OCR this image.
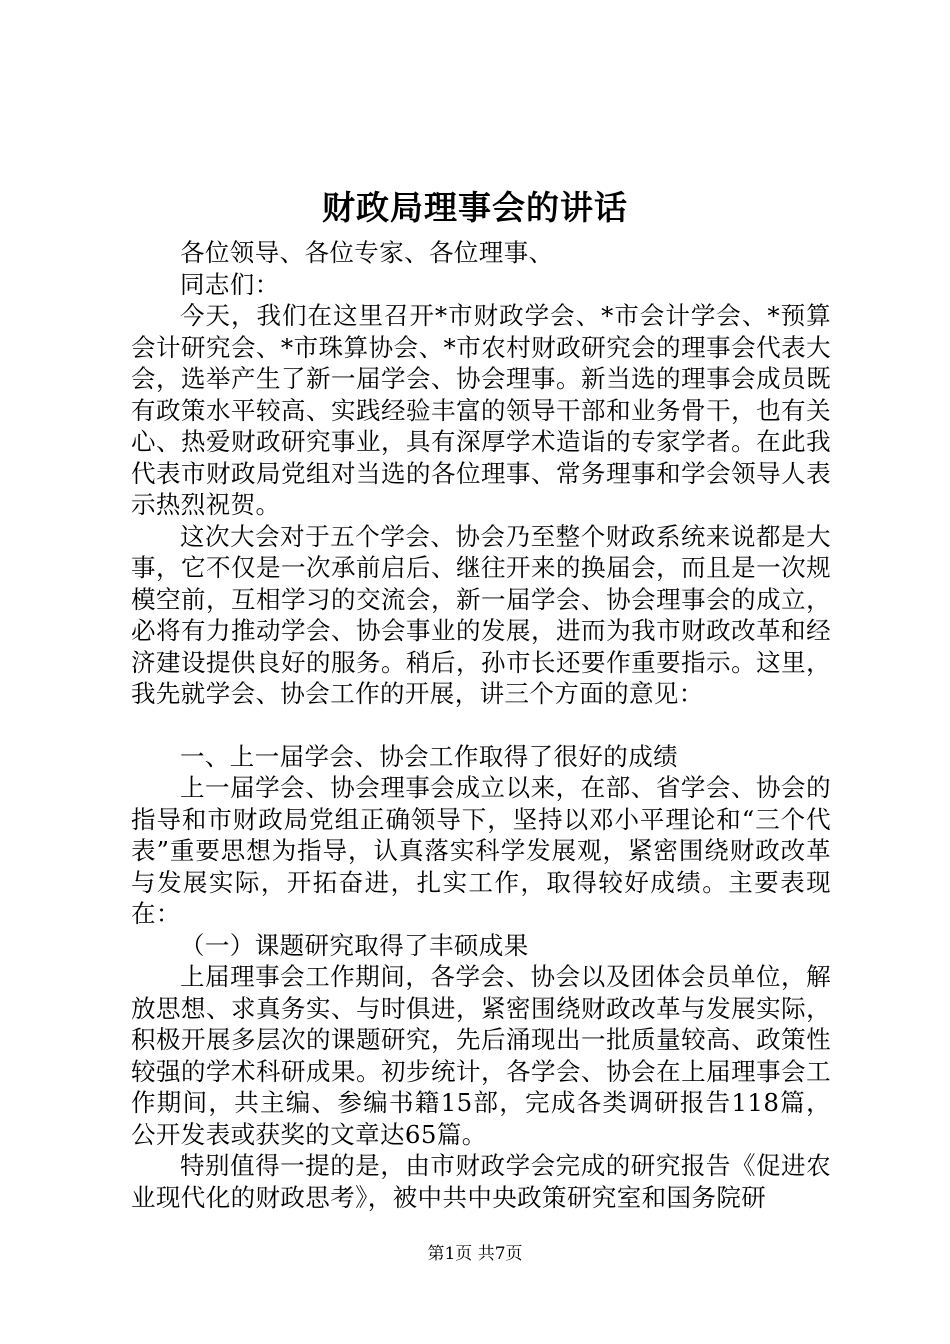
财政局理事会的讲话

各位领导、各位专家、各位理事、

同志们：

今天，我们在这里召开*市财政学会、*市会计学会、*预算会计研究会、*市珠算协会、*市农村财政研究会的理事会代表大会，选举产生了新一届学会、协会理事。新当选的理事会成员既有政策水平较高、实践经验丰富的领导干部和业务骨干，也有关心、热爱财政研究事业，具有深厚学术造诣的专家学者。在此我代表市财政局党组对当选的各位理事、常务理事和学会领导人表示热烈祝贺。

这次大会对于五个学会、协会乃至整个财政系统来说都是大事，它不仅是一次承前启后、继往开来的换届会，而且是一次规模空前，互相学习的交流会，新一届学会、协会理事会的成立，必将有力推动学会、协会事业的发展，进而为我市财政改革和经济建设提供良好的服务。稍后，孙市长还要作重要指示。这里，我先就学会、协会工作的开展，讲三个方面的意见：

一、上一届学会、协会工作取得了很好的成绩

上一届学会、协会理事会成立以来，在部、省学会、协会的指导和市财政局党组正确领导下，坚持以邓小平理论和“三个代表”重要思想为指导，认真落实科学发展观，紧密围绕财政改革与发展实际，开拓奋进，扎实工作，取得较好成绩。主要表现在：

（一）课题研究取得了丰硕成果

上届理事会工作期间，各学会、协会以及团体会员单位，解放思想、求真务实、与时俱进，紧密围绕财政改革与发展实际，积极开展多层次的课题研究，先后涌现出一批质量较高、政策性较强的学术科研成果。初步统计，各学会、协会在上届理事会工作期间，共主编、参编书籍15部，完成各类调研报告118篇，公开发表或获奖的文章达65篇。

特别值得一提的是，由市财政学会完成的研究报告《促进农业现代化的财政思考》，被中共中央政策研究室和国务院研

第1页 共7页
